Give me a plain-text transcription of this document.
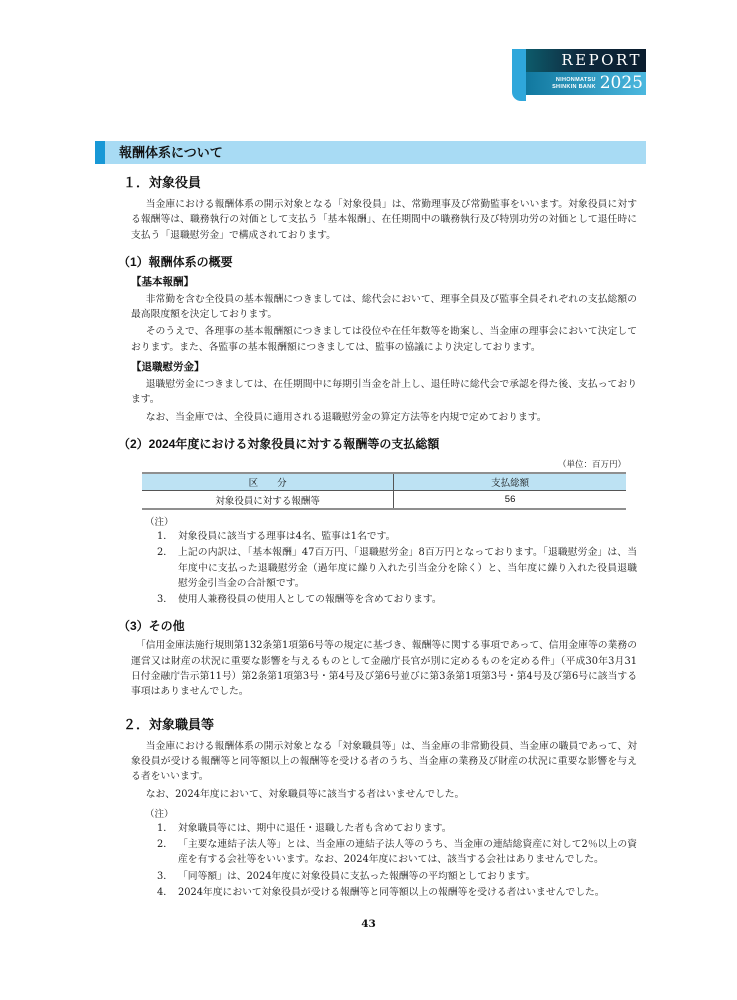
REPORT
NIHONMATSU
SHINKIN BANK 2025
報酬体系について
１．対象役員

当金庫における報酬体系の開示対象となる「対象役員」は、常勤理事及び常勤監事をいいます。対象役員に対する報酬等は、職務執行の対価として支払う「基本報酬」、在任期間中の職務執行及び特別功労の対価として退任時に支払う「退職慰労金」で構成されております。

（1）報酬体系の概要
【基本報酬】

非常勤を含む全役員の基本報酬につきましては、総代会において、理事全員及び監事全員それぞれの支払総額の最高限度額を決定しております。

そのうえで、各理事の基本報酬額につきましては役位や在任年数等を勘案し、当金庫の理事会において決定しております。また、各監事の基本報酬額につきましては、監事の協議により決定しております。

【退職慰労金】

退職慰労金につきましては、在任期間中に毎期引当金を計上し、退任時に総代会で承認を得た後、支払っております。

なお、当金庫では、全役員に適用される退職慰労金の算定方法等を内規で定めております。

（2）2024年度における対象役員に対する報酬等の支払総額
（単位：百万円）
区　　分	支払総額
対象役員に対する報酬等	56
（注）
1． 対象役員に該当する理事は4名、監事は1名です。
2． 上記の内訳は、「基本報酬」47百万円、「退職慰労金」8百万円となっております。「退職慰労金」は、当年度中に支払った退職慰労金（過年度に繰り入れた引当金分を除く）と、当年度に繰り入れた役員退職慰労金引当金の合計額です。
3． 使用人兼務役員の使用人としての報酬等を含めております。
（3）その他

「信用金庫法施行規則第132条第1項第6号等の規定に基づき、報酬等に関する事項であって、信用金庫等の業務の運営又は財産の状況に重要な影響を与えるものとして金融庁長官が別に定めるものを定める件」（平成30年3月31日付金融庁告示第11号）第2条第1項第3号・第4号及び第6号並びに第3条第1項第3号・第4号及び第6号に該当する事項はありませんでした。

２．対象職員等

当金庫における報酬体系の開示対象となる「対象職員等」は、当金庫の非常勤役員、当金庫の職員であって、対象役員が受ける報酬等と同等額以上の報酬等を受ける者のうち、当金庫の業務及び財産の状況に重要な影響を与える者をいいます。

なお、2024年度において、対象職員等に該当する者はいませんでした。

（注）
1． 対象職員等には、期中に退任・退職した者も含めております。
2． 「主要な連結子法人等」とは、当金庫の連結子法人等のうち、当金庫の連結総資産に対して2％以上の資産を有する会社等をいいます。なお、2024年度においては、該当する会社はありませんでした。
3． 「同等額」は、2024年度に対象役員に支払った報酬等の平均額としております。
4． 2024年度において対象役員が受ける報酬等と同等額以上の報酬等を受ける者はいませんでした。
43
